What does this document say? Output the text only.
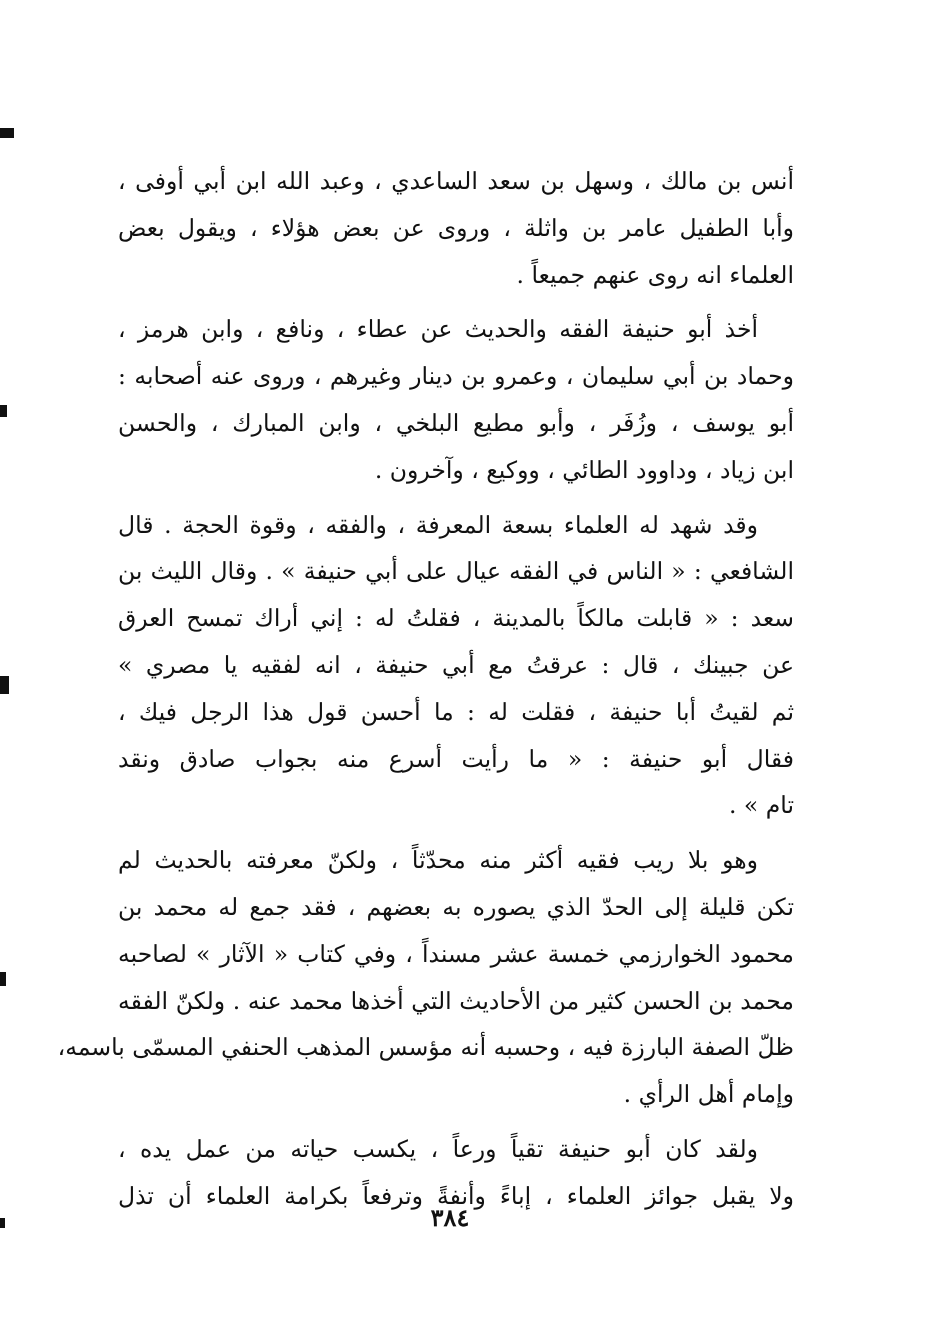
أنس بن مالك ، وسهل بن سعد الساعدي ، وعبد الله ابن أبي أوفى ،
وأبا الطفيل عامر بن واثلة ، وروى عن بعض هؤلاء ، ويقول بعض
العلماء انه روى عنهم جميعاً .
أخذ أبو حنيفة الفقه والحديث عن عطاء ، ونافع ، وابن هرمز ،
وحماد بن أبي سليمان ، وعمرو بن دينار وغيرهم ، وروى عنه أصحابه :
أبو يوسف ، وزُفَر ، وأبو مطيع البلخي ، وابن المبارك ، والحسن
ابن زياد ، وداوود الطائي ، ووكيع ، وآخرون .
وقد شهد له العلماء بسعة المعرفة ، والفقه ، وقوة الحجة . قال
الشافعي : « الناس في الفقه عيال على أبي حنيفة » . وقال الليث بن
سعد : « قابلت مالكاً بالمدينة ، فقلتُ له : إني أراك تمسح العرق
عن جبينك ، قال : عرقتُ مع أبي حنيفة ، انه لفقيه يا مصري »
ثم لقيتُ أبا حنيفة ، فقلت له : ما أحسن قول هذا الرجل فيك ،
فقال أبو حنيفة : « ما رأيت أسرع منه بجواب صادق ونقد
تام » .
وهو بلا ريب فقيه أكثر منه محدّثاً ، ولكنّ معرفته بالحديث لم
تكن قليلة إلى الحدّ الذي يصوره به بعضهم ، فقد جمع له محمد بن
محمود الخوارزمي خمسة عشر مسنداً ، وفي كتاب « الآثار » لصاحبه
محمد بن الحسن كثير من الأحاديث التي أخذها محمد عنه . ولكنّ الفقه
ظلّ الصفة البارزة فيه ، وحسبه أنه مؤسس المذهب الحنفي المسمّى باسمه،
وإمام أهل الرأي .
ولقد كان أبو حنيفة تقياً ورعاً ، يكسب حياته من عمل يده ،
ولا يقبل جوائز العلماء ، إباءً وأنفةً وترفعاً بكرامة العلماء أن تذل
٣٨٤
